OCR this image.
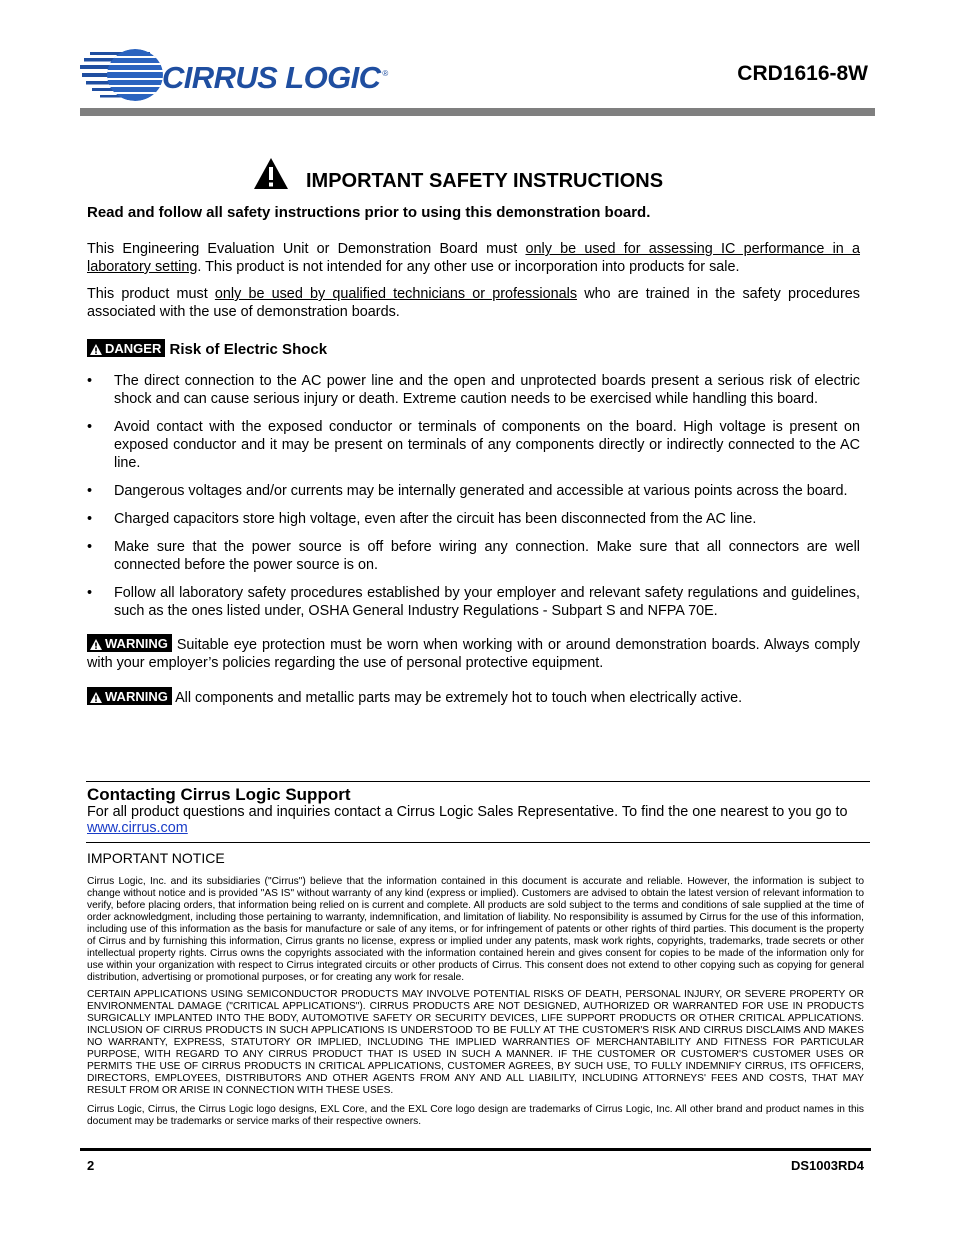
CIRRUS LOGIC ®	CRD1616-8W
IMPORTANT SAFETY INSTRUCTIONS
Read and follow all safety instructions prior to using this demonstration board.
This Engineering Evaluation Unit or Demonstration Board must only be used for assessing IC performance in a laboratory setting. This product is not intended for any other use or incorporation into products for sale.
This product must only be used by qualified technicians or professionals who are trained in the safety procedures associated with the use of demonstration boards.
DANGER Risk of Electric Shock
• The direct connection to the AC power line and the open and unprotected boards present a serious risk of electric shock and can cause serious injury or death. Extreme caution needs to be exercised while handling this board.
• Avoid contact with the exposed conductor or terminals of components on the board. High voltage is present on exposed conductor and it may be present on terminals of any components directly or indirectly connected to the AC line.
• Dangerous voltages and/or currents may be internally generated and accessible at various points across the board.
• Charged capacitors store high voltage, even after the circuit has been disconnected from the AC line.
• Make sure that the power source is off before wiring any connection. Make sure that all connectors are well connected before the power source is on.
• Follow all laboratory safety procedures established by your employer and relevant safety regulations and guidelines, such as the ones listed under, OSHA General Industry Regulations - Subpart S and NFPA 70E.
WARNING Suitable eye protection must be worn when working with or around demonstration boards. Always comply with your employer’s policies regarding the use of personal protective equipment.
WARNING All components and metallic parts may be extremely hot to touch when electrically active.
Contacting Cirrus Logic Support
For all product questions and inquiries contact a Cirrus Logic Sales Representative. To find the one nearest to you go to www.cirrus.com
IMPORTANT NOTICE
Cirrus Logic, Inc. and its subsidiaries ("Cirrus") believe that the information contained in this document is accurate and reliable. However, the information is subject to change without notice and is provided "AS IS" without warranty of any kind (express or implied). Customers are advised to obtain the latest version of relevant information to verify, before placing orders, that information being relied on is current and complete. All products are sold subject to the terms and conditions of sale supplied at the time of order acknowledgment, including those pertaining to warranty, indemnification, and limitation of liability. No responsibility is assumed by Cirrus for the use of this information, including use of this information as the basis for manufacture or sale of any items, or for infringement of patents or other rights of third parties. This document is the property of Cirrus and by furnishing this information, Cirrus grants no license, express or implied under any patents, mask work rights, copyrights, trademarks, trade secrets or other intellectual property rights. Cirrus owns the copyrights associated with the information contained herein and gives consent for copies to be made of the information only for use within your organization with respect to Cirrus integrated circuits or other products of Cirrus. This consent does not extend to other copying such as copying for general distribution, advertising or promotional purposes, or for creating any work for resale.
CERTAIN APPLICATIONS USING SEMICONDUCTOR PRODUCTS MAY INVOLVE POTENTIAL RISKS OF DEATH, PERSONAL INJURY, OR SEVERE PROPERTY OR ENVIRONMENTAL DAMAGE ("CRITICAL APPLICATIONS"). CIRRUS PRODUCTS ARE NOT DESIGNED, AUTHORIZED OR WARRANTED FOR USE IN PRODUCTS SURGICALLY IMPLANTED INTO THE BODY, AUTOMOTIVE SAFETY OR SECURITY DEVICES, LIFE SUPPORT PRODUCTS OR OTHER CRITICAL APPLICATIONS. INCLUSION OF CIRRUS PRODUCTS IN SUCH APPLICATIONS IS UNDERSTOOD TO BE FULLY AT THE CUSTOMER'S RISK AND CIRRUS DISCLAIMS AND MAKES NO WARRANTY, EXPRESS, STATUTORY OR IMPLIED, INCLUDING THE IMPLIED WARRANTIES OF MERCHANTABILITY AND FITNESS FOR PARTICULAR PURPOSE, WITH REGARD TO ANY CIRRUS PRODUCT THAT IS USED IN SUCH A MANNER. IF THE CUSTOMER OR CUSTOMER'S CUSTOMER USES OR PERMITS THE USE OF CIRRUS PRODUCTS IN CRITICAL APPLICATIONS, CUSTOMER AGREES, BY SUCH USE, TO FULLY INDEMNIFY CIRRUS, ITS OFFICERS, DIRECTORS, EMPLOYEES, DISTRIBUTORS AND OTHER AGENTS FROM ANY AND ALL LIABILITY, INCLUDING ATTORNEYS' FEES AND COSTS, THAT MAY RESULT FROM OR ARISE IN CONNECTION WITH THESE USES.
Cirrus Logic, Cirrus, the Cirrus Logic logo designs, EXL Core, and the EXL Core logo design are trademarks of Cirrus Logic, Inc. All other brand and product names in this document may be trademarks or service marks of their respective owners.
2	DS1003RD4
